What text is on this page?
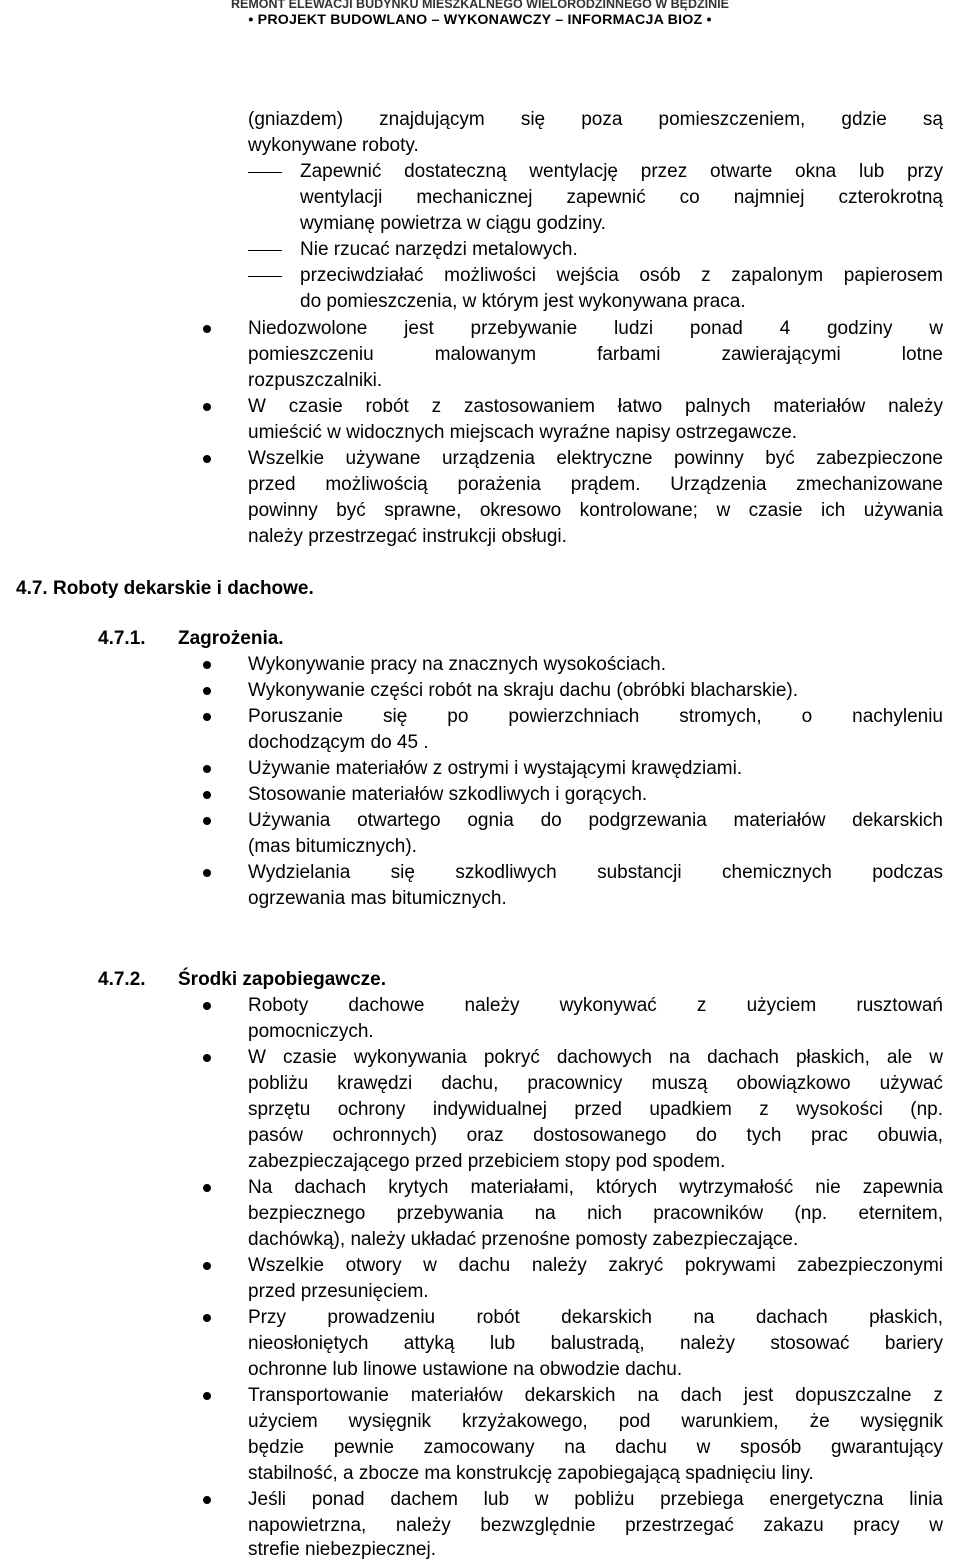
REMONT ELEWACJI BUDYNKU MIESZKALNEGO WIELORODZINNEGO W BĘDZINIE
• PROJEKT BUDOWLANO – WYKONAWCZY – INFORMACJA BIOZ •
(gniazdem) znajdującym się poza pomieszczeniem, gdzie są
wykonywane roboty.
Zapewnić dostateczną wentylację przez otwarte okna lub przy
wentylacji mechanicznej zapewnić co najmniej czterokrotną
wymianę powietrza w ciągu godziny.
Nie rzucać narzędzi metalowych.
przeciwdziałać możliwości wejścia osób z zapalonym papierosem
do pomieszczenia, w którym jest wykonywana praca.
Niedozwolone jest przebywanie ludzi ponad 4 godziny w
pomieszczeniu malowanym farbami zawierającymi lotne
rozpuszczalniki.
W czasie robót z zastosowaniem łatwo palnych materiałów należy
umieścić w widocznych miejscach wyraźne napisy ostrzegawcze.
Wszelkie używane urządzenia elektryczne powinny być zabezpieczone
przed możliwością porażenia prądem. Urządzenia zmechanizowane
powinny być sprawne, okresowo kontrolowane; w czasie ich używania
należy przestrzegać instrukcji obsługi.
4.7. Roboty dekarskie i dachowe.
4.7.1. Zagrożenia.
Wykonywanie pracy na znacznych wysokościach.
Wykonywanie części robót na skraju dachu (obróbki blacharskie).
Poruszanie się po powierzchniach stromych, o nachyleniu
dochodzącym do 45 .
Używanie materiałów z ostrymi i wystającymi krawędziami.
Stosowanie materiałów szkodliwych i gorących.
Używania otwartego ognia do podgrzewania materiałów dekarskich
(mas bitumicznych).
Wydzielania się szkodliwych substancji chemicznych podczas
ogrzewania mas bitumicznych.
4.7.2. Środki zapobiegawcze.
Roboty dachowe należy wykonywać z użyciem rusztowań
pomocniczych.
W czasie wykonywania pokryć dachowych na dachach płaskich, ale w
pobliżu krawędzi dachu, pracownicy muszą obowiązkowo używać
sprzętu ochrony indywidualnej przed upadkiem z wysokości (np.
pasów ochronnych) oraz dostosowanego do tych prac obuwia,
zabezpieczającego przed przebiciem stopy pod spodem.
Na dachach krytych materiałami, których wytrzymałość nie zapewnia
bezpiecznego przebywania na nich pracowników (np. eternitem,
dachówką), należy układać przenośne pomosty zabezpieczające.
Wszelkie otwory w dachu należy zakryć pokrywami zabezpieczonymi
przed przesunięciem.
Przy prowadzeniu robót dekarskich na dachach płaskich,
nieosłoniętych attyką lub balustradą, należy stosować bariery
ochronne lub linowe ustawione na obwodzie dachu.
Transportowanie materiałów dekarskich na dach jest dopuszczalne z
użyciem wysięgnik krzyżakowego, pod warunkiem, że wysięgnik
będzie pewnie zamocowany na dachu w sposób gwarantujący
stabilność, a zbocze ma konstrukcję zapobiegającą spadnięciu liny.
Jeśli ponad dachem lub w pobliżu przebiega energetyczna linia
napowietrzna, należy bezwzględnie przestrzegać zakazu pracy w
strefie niebezpiecznej.
